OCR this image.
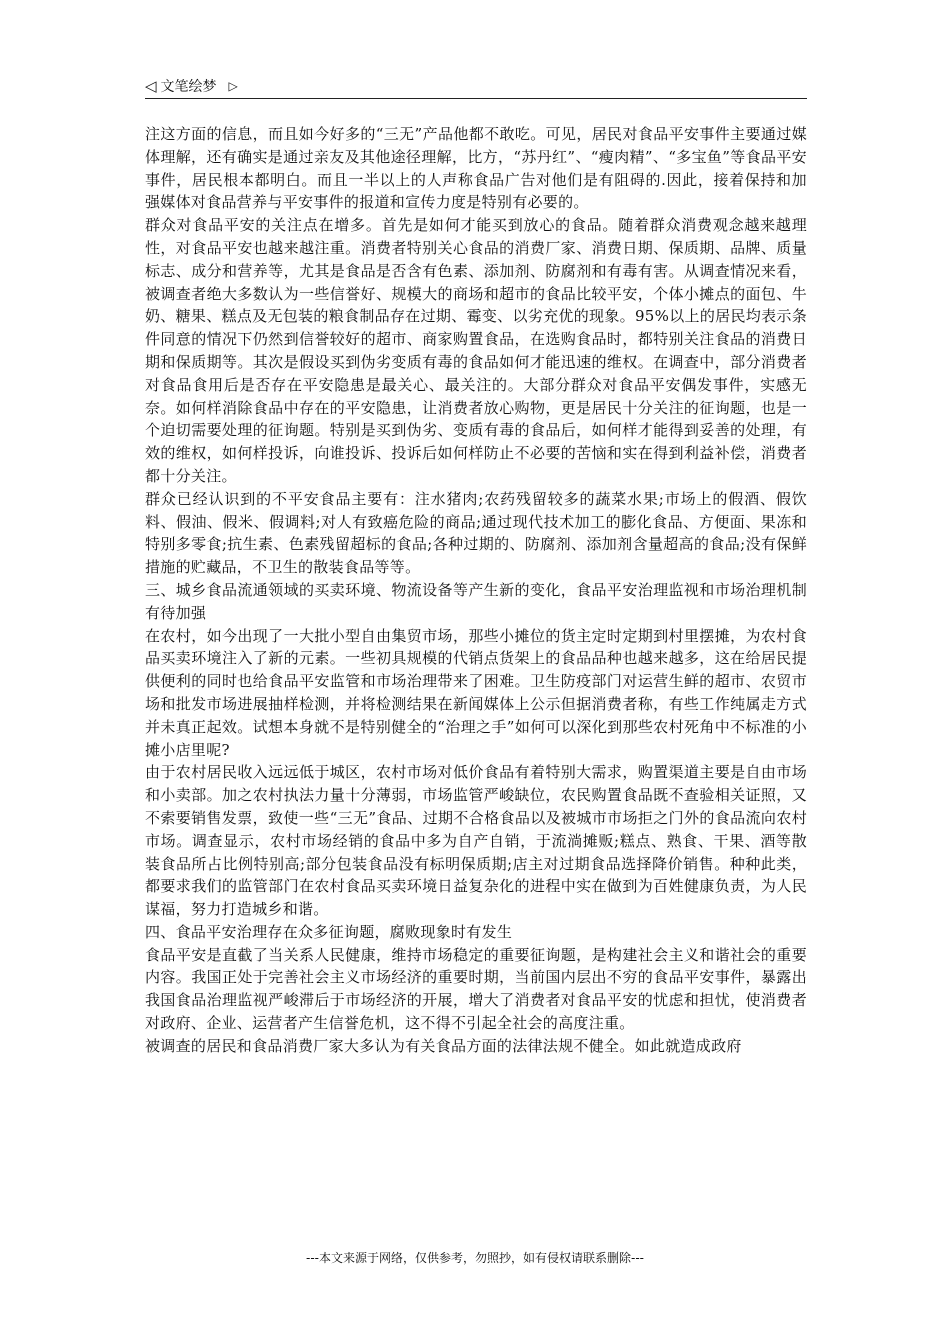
◁ 文笔绘梦 ▷

注这方面的信息，而且如今好多的“三无”产品他都不敢吃。可见，居民对食品平安事件主要通过媒体理解，还有确实是通过亲友及其他途径理解，比方，“苏丹红”、“瘦肉精”、“多宝鱼”等食品平安事件，居民根本都明白。而且一半以上的人声称食品广告对他们是有阻碍的.因此，接着保持和加强媒体对食品营养与平安事件的报道和宣传力度是特别有必要的。

群众对食品平安的关注点在增多。首先是如何才能买到放心的食品。随着群众消费观念越来越理性，对食品平安也越来越注重。消费者特别关心食品的消费厂家、消费日期、保质期、品牌、质量标志、成分和营养等，尤其是食品是否含有色素、添加剂、防腐剂和有毒有害。从调查情况来看，被调查者绝大多数认为一些信誉好、规模大的商场和超市的食品比较平安，个体小摊点的面包、牛奶、糖果、糕点及无包装的粮食制品存在过期、霉变、以劣充优的现象。95%以上的居民均表示条件同意的情况下仍然到信誉较好的超市、商家购置食品，在选购食品时，都特别关注食品的消费日期和保质期等。其次是假设买到伪劣变质有毒的食品如何才能迅速的维权。在调查中，部分消费者对食品食用后是否存在平安隐患是最关心、最关注的。大部分群众对食品平安偶发事件，实感无奈。如何样消除食品中存在的平安隐患，让消费者放心购物，更是居民十分关注的征询题，也是一个迫切需要处理的征询题。特别是买到伪劣、变质有毒的食品后，如何样才能得到妥善的处理，有效的维权，如何样投诉，向谁投诉、投诉后如何样防止不必要的苦恼和实在得到利益补偿，消费者都十分关注。

群众已经认识到的不平安食品主要有：注水猪肉;农药残留较多的蔬菜水果;市场上的假酒、假饮料、假油、假米、假调料;对人有致癌危险的商品;通过现代技术加工的膨化食品、方便面、果冻和特别多零食;抗生素、色素残留超标的食品;各种过期的、防腐剂、添加剂含量超高的食品;没有保鲜措施的贮藏品，不卫生的散装食品等等。

三、城乡食品流通领域的买卖环境、物流设备等产生新的变化，食品平安治理监视和市场治理机制有待加强

在农村，如今出现了一大批小型自由集贸市场，那些小摊位的货主定时定期到村里摆摊，为农村食品买卖环境注入了新的元素。一些初具规模的代销点货架上的食品品种也越来越多，这在给居民提供便利的同时也给食品平安监管和市场治理带来了困难。卫生防疫部门对运营生鲜的超市、农贸市场和批发市场进展抽样检测，并将检测结果在新闻媒体上公示但据消费者称，有些工作纯属走方式并未真正起效。试想本身就不是特别健全的“治理之手”如何可以深化到那些农村死角中不标准的小摊小店里呢?

由于农村居民收入远远低于城区，农村市场对低价食品有着特别大需求，购置渠道主要是自由市场和小卖部。加之农村执法力量十分薄弱，市场监管严峻缺位，农民购置食品既不查验相关证照，又不索要销售发票，致使一些“三无”食品、过期不合格食品以及被城市市场拒之门外的食品流向农村市场。调查显示，农村市场经销的食品中多为自产自销，于流淌摊贩;糕点、熟食、干果、酒等散装食品所占比例特别高;部分包装食品没有标明保质期;店主对过期食品选择降价销售。种种此类，都要求我们的监管部门在农村食品买卖环境日益复杂化的进程中实在做到为百姓健康负责，为人民谋福，努力打造城乡和谐。

四、食品平安治理存在众多征询题，腐败现象时有发生

食品平安是直截了当关系人民健康，维持市场稳定的重要征询题，是构建社会主义和谐社会的重要内容。我国正处于完善社会主义市场经济的重要时期，当前国内层出不穷的食品平安事件，暴露出我国食品治理监视严峻滞后于市场经济的开展，增大了消费者对食品平安的忧虑和担忧，使消费者对政府、企业、运营者产生信誉危机，这不得不引起全社会的高度注重。

被调查的居民和食品消费厂家大多认为有关食品方面的法律法规不健全。如此就造成政府

---本文来源于网络，仅供参考，勿照抄，如有侵权请联系删除---
